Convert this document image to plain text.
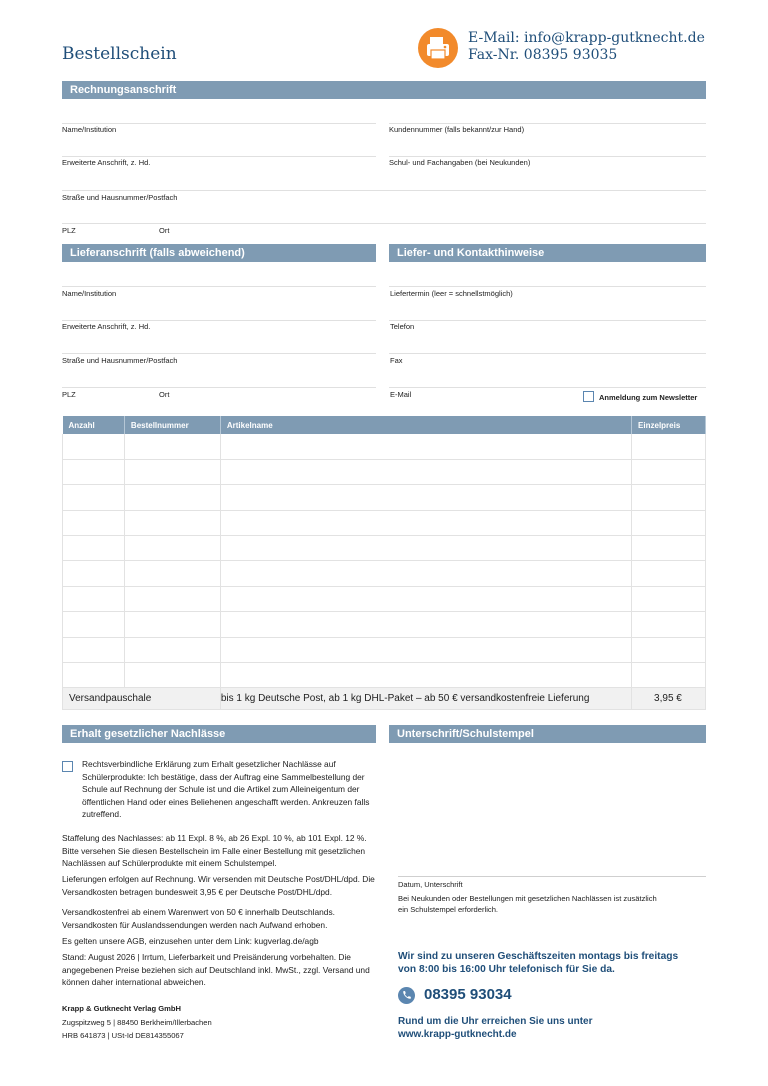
Bestellschein
E-Mail: info@krapp-gutknecht.de
Fax-Nr. 08395 93035
Rechnungsanschrift
Name/Institution	Kundennummer (falls bekannt/zur Hand)
Erweiterte Anschrift, z. Hd.	Schul- und Fachangaben (bei Neukunden)
Straße und Hausnummer/Postfach
PLZ	Ort
Lieferanschrift (falls abweichend)	Liefer- und Kontakthinweise
Name/Institution	Liefertermin (leer = schnellstmöglich)
Erweiterte Anschrift, z. Hd.	Telefon
Straße und Hausnummer/Postfach	Fax
PLZ	Ort	E-Mail	Anmeldung zum Newsletter
Anzahl	Bestellnummer	Artikelname	Einzelpreis

Versandpauschale		bis 1 kg Deutsche Post, ab 1 kg DHL-Paket – ab 50 € versandkostenfreie Lieferung	3,95 €
Erhalt gesetzlicher Nachlässe	Unterschrift/Schulstempel
Rechtsverbindliche Erklärung zum Erhalt gesetzlicher Nachlässe auf Schülerprodukte: Ich bestätige, dass der Auftrag eine Sammelbestellung der Schule auf Rechnung der Schule ist und die Artikel zum Alleineigentum der öffentlichen Hand oder eines Beliehenen angeschafft werden. Ankreuzen falls zutreffend.
Staffelung des Nachlasses: ab 11 Expl. 8 %, ab 26 Expl. 10 %, ab 101 Expl. 12 %. Bitte versehen Sie diesen Bestellschein im Falle einer Bestellung mit gesetzlichen Nachlässen auf Schülerprodukte mit einem Schulstempel.
Lieferungen erfolgen auf Rechnung. Wir versenden mit Deutsche Post/DHL/dpd. Die Versandkosten betragen bundesweit 3,95 € per Deutsche Post/DHL/dpd.
Versandkostenfrei ab einem Warenwert von 50 € innerhalb Deutschlands. Versandkosten für Auslandssendungen werden nach Aufwand erhoben.
Es gelten unsere AGB, einzusehen unter dem Link: kugverlag.de/agb
Stand: August 2026 | Irrtum, Lieferbarkeit und Preisänderung vorbehalten. Die angegebenen Preise beziehen sich auf Deutschland inkl. MwSt., zzgl. Versand und können daher international abweichen.
Krapp & Gutknecht Verlag GmbH
Zugspitzweg 5 | 88450 Berkheim/Illerbachen
HRB 641873 | USt-Id DE814355067
Datum, Unterschrift
Bei Neukunden oder Bestellungen mit gesetzlichen Nachlässen ist zusätzlich ein Schulstempel erforderlich.
Wir sind zu unseren Geschäftszeiten montags bis freitags von 8:00 bis 16:00 Uhr telefonisch für Sie da.
08395 93034
Rund um die Uhr erreichen Sie uns unter
www.krapp-gutknecht.de
